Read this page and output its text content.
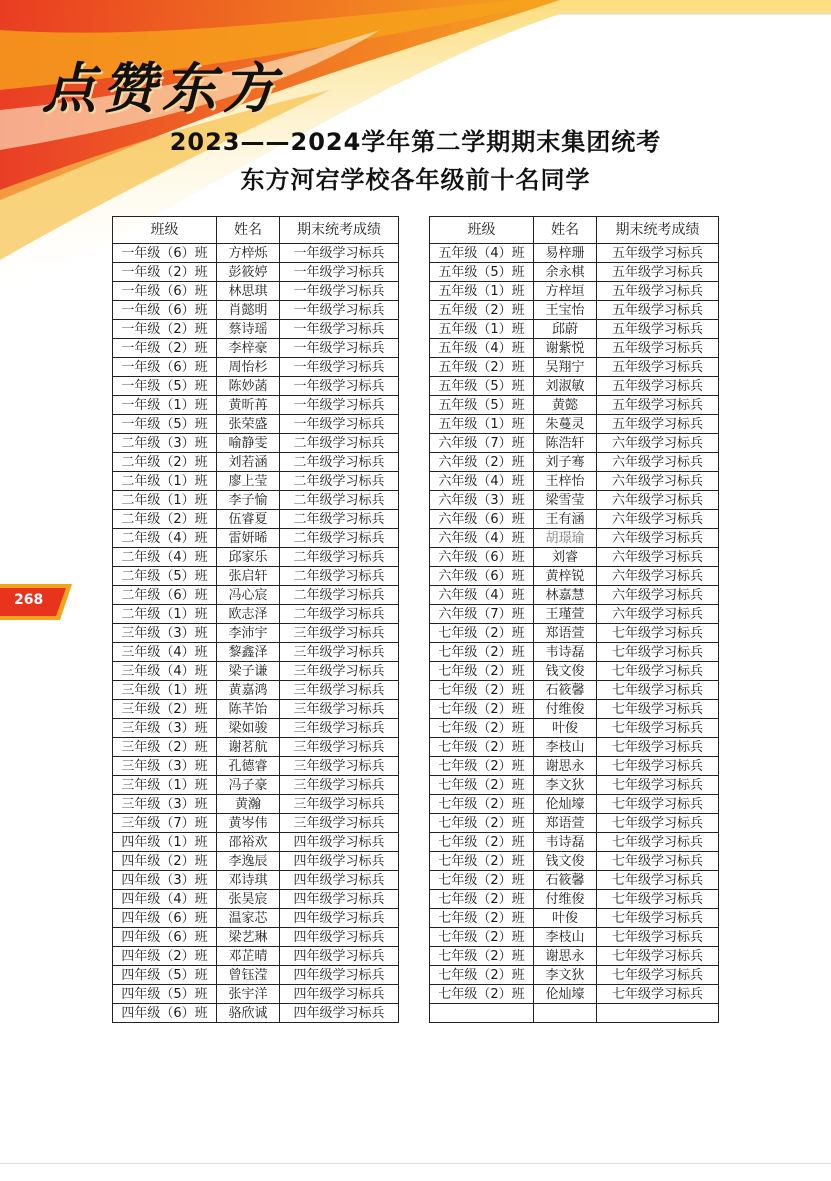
点赞东方
2023——2024学年第二学期期末集团统考
东方河宕学校各年级前十名同学
268
班级	姓名	期末统考成绩
一年级（6）班	方梓烁	一年级学习标兵
一年级（2）班	彭筱婷	一年级学习标兵
一年级（6）班	林思琪	一年级学习标兵
一年级（6）班	肖懿明	一年级学习标兵
一年级（2）班	蔡诗瑶	一年级学习标兵
一年级（2）班	李梓豪	一年级学习标兵
一年级（6）班	周怡杉	一年级学习标兵
一年级（5）班	陈妙菡	一年级学习标兵
一年级（1）班	黄昕苒	一年级学习标兵
一年级（5）班	张荣盛	一年级学习标兵
二年级（3）班	喻静雯	二年级学习标兵
二年级（2）班	刘若涵	二年级学习标兵
二年级（1）班	廖上莹	二年级学习标兵
二年级（1）班	李子愉	二年级学习标兵
二年级（2）班	伍睿夏	二年级学习标兵
二年级（4）班	雷妍晞	二年级学习标兵
二年级（4）班	邱家乐	二年级学习标兵
二年级（5）班	张启轩	二年级学习标兵
二年级（6）班	冯心宸	二年级学习标兵
二年级（1）班	欧志泽	二年级学习标兵
三年级（3）班	李沛宇	三年级学习标兵
三年级（4）班	黎鑫泽	三年级学习标兵
三年级（4）班	梁子谦	三年级学习标兵
三年级（1）班	黄嘉鸿	三年级学习标兵
三年级（2）班	陈芊饴	三年级学习标兵
三年级（3）班	梁如骏	三年级学习标兵
三年级（2）班	谢茗航	三年级学习标兵
三年级（3）班	孔德睿	三年级学习标兵
三年级（1）班	冯子豪	三年级学习标兵
三年级（3）班	黄瀚	三年级学习标兵
三年级（7）班	黄岑伟	三年级学习标兵
四年级（1）班	邵裕欢	四年级学习标兵
四年级（2）班	李逸辰	四年级学习标兵
四年级（3）班	邓诗琪	四年级学习标兵
四年级（4）班	张昊宸	四年级学习标兵
四年级（6）班	温家芯	四年级学习标兵
四年级（6）班	梁艺琳	四年级学习标兵
四年级（2）班	邓芷晴	四年级学习标兵
四年级（5）班	曾钰滢	四年级学习标兵
四年级（5）班	张宇洋	四年级学习标兵
四年级（6）班	骆欣诚	四年级学习标兵
班级	姓名	期末统考成绩
五年级（4）班	易梓珊	五年级学习标兵
五年级（5）班	余永棋	五年级学习标兵
五年级（1）班	方梓垣	五年级学习标兵
五年级（2）班	王宝怡	五年级学习标兵
五年级（1）班	邱蔚	五年级学习标兵
五年级（4）班	谢紫悦	五年级学习标兵
五年级（2）班	吴翔宁	五年级学习标兵
五年级（5）班	刘淑敏	五年级学习标兵
五年级（5）班	黄懿	五年级学习标兵
五年级（1）班	朱蔓灵	五年级学习标兵
六年级（7）班	陈浩轩	六年级学习标兵
六年级（2）班	刘子骞	六年级学习标兵
六年级（4）班	王梓怡	六年级学习标兵
六年级（3）班	梁雪莹	六年级学习标兵
六年级（6）班	王有涵	六年级学习标兵
六年级（4）班	胡璟瑜	六年级学习标兵
六年级（6）班	刘睿	六年级学习标兵
六年级（6）班	黄梓锐	六年级学习标兵
六年级（4）班	林嘉慧	六年级学习标兵
六年级（7）班	王瑾萱	六年级学习标兵
七年级（2）班	郑语萱	七年级学习标兵
七年级（2）班	韦诗磊	七年级学习标兵
七年级（2）班	钱文俊	七年级学习标兵
七年级（2）班	石筱馨	七年级学习标兵
七年级（2）班	付维俊	七年级学习标兵
七年级（2）班	叶俊	七年级学习标兵
七年级（2）班	李枝山	七年级学习标兵
七年级（2）班	谢思永	七年级学习标兵
七年级（2）班	李文狄	七年级学习标兵
七年级（2）班	伦灿壕	七年级学习标兵
七年级（2）班	郑语萱	七年级学习标兵
七年级（2）班	韦诗磊	七年级学习标兵
七年级（2）班	钱文俊	七年级学习标兵
七年级（2）班	石筱馨	七年级学习标兵
七年级（2）班	付维俊	七年级学习标兵
七年级（2）班	叶俊	七年级学习标兵
七年级（2）班	李枝山	七年级学习标兵
七年级（2）班	谢思永	七年级学习标兵
七年级（2）班	李文狄	七年级学习标兵
七年级（2）班	伦灿壕	七年级学习标兵
